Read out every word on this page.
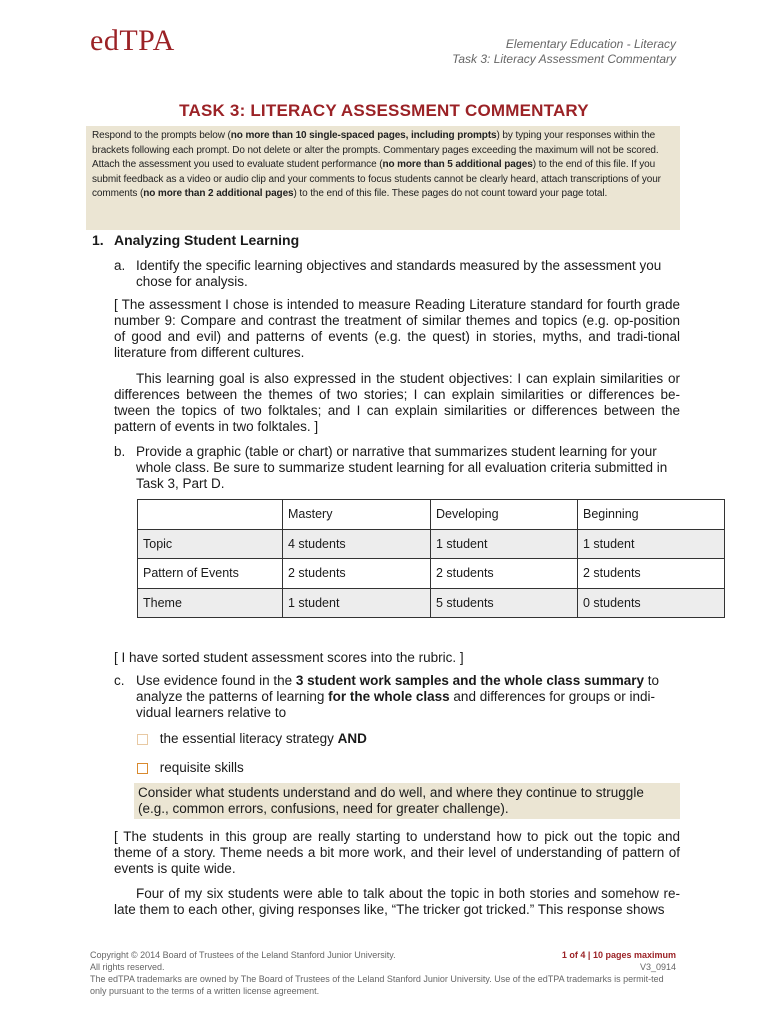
edTPA	Elementary Education - Literacy
Task 3: Literacy Assessment Commentary
TASK 3: LITERACY ASSESSMENT COMMENTARY
Respond to the prompts below (no more than 10 single-spaced pages, including prompts) by typing your responses within the brackets following each prompt. Do not delete or alter the prompts. Commentary pages exceeding the maximum will not be scored. Attach the assessment you used to evaluate student performance (no more than 5 additional pages) to the end of this file. If you submit feedback as a video or audio clip and your comments to focus students cannot be clearly heard, attach transcriptions of your comments (no more than 2 additional pages) to the end of this file. These pages do not count toward your page total.
1. Analyzing Student Learning
a. Identify the specific learning objectives and standards measured by the assessment you chose for analysis.
[ The assessment I chose is intended to measure Reading Literature standard for fourth grade number 9: Compare and contrast the treatment of similar themes and topics (e.g. op-position of good and evil) and patterns of events (e.g. the quest) in stories, myths, and tradi-tional literature from different cultures.
This learning goal is also expressed in the student objectives: I can explain similarities or differences between the themes of two stories; I can explain similarities or differences be-tween the topics of two folktales; and I can explain similarities or differences between the pattern of events in two folktales. ]
b. Provide a graphic (table or chart) or narrative that summarizes student learning for your whole class. Be sure to summarize student learning for all evaluation criteria submitted in Task 3, Part D.
	Mastery	Developing	Beginning
Topic	4 students	1 student	1 student
Pattern of Events	2 students	2 students	2 students
Theme	1 student	5 students	0 students
[ I have sorted student assessment scores into the rubric. ]
c. Use evidence found in the 3 student work samples and the whole class summary to analyze the patterns of learning for the whole class and differences for groups or indi-vidual learners relative to
the essential literacy strategy AND
requisite skills
Consider what students understand and do well, and where they continue to struggle (e.g., common errors, confusions, need for greater challenge).
[ The students in this group are really starting to understand how to pick out the topic and theme of a story. Theme needs a bit more work, and their level of understanding of pattern of events is quite wide.
Four of my six students were able to talk about the topic in both stories and somehow re-late them to each other, giving responses like, “The tricker got tricked.” This response shows
Copyright © 2014 Board of Trustees of the Leland Stanford Junior University.
All rights reserved.
The edTPA trademarks are owned by The Board of Trustees of the Leland Stanford Junior University. Use of the edTPA trademarks is permit-ted only pursuant to the terms of a written license agreement.
1 of 4 | 10 pages maximum
V3_0914
